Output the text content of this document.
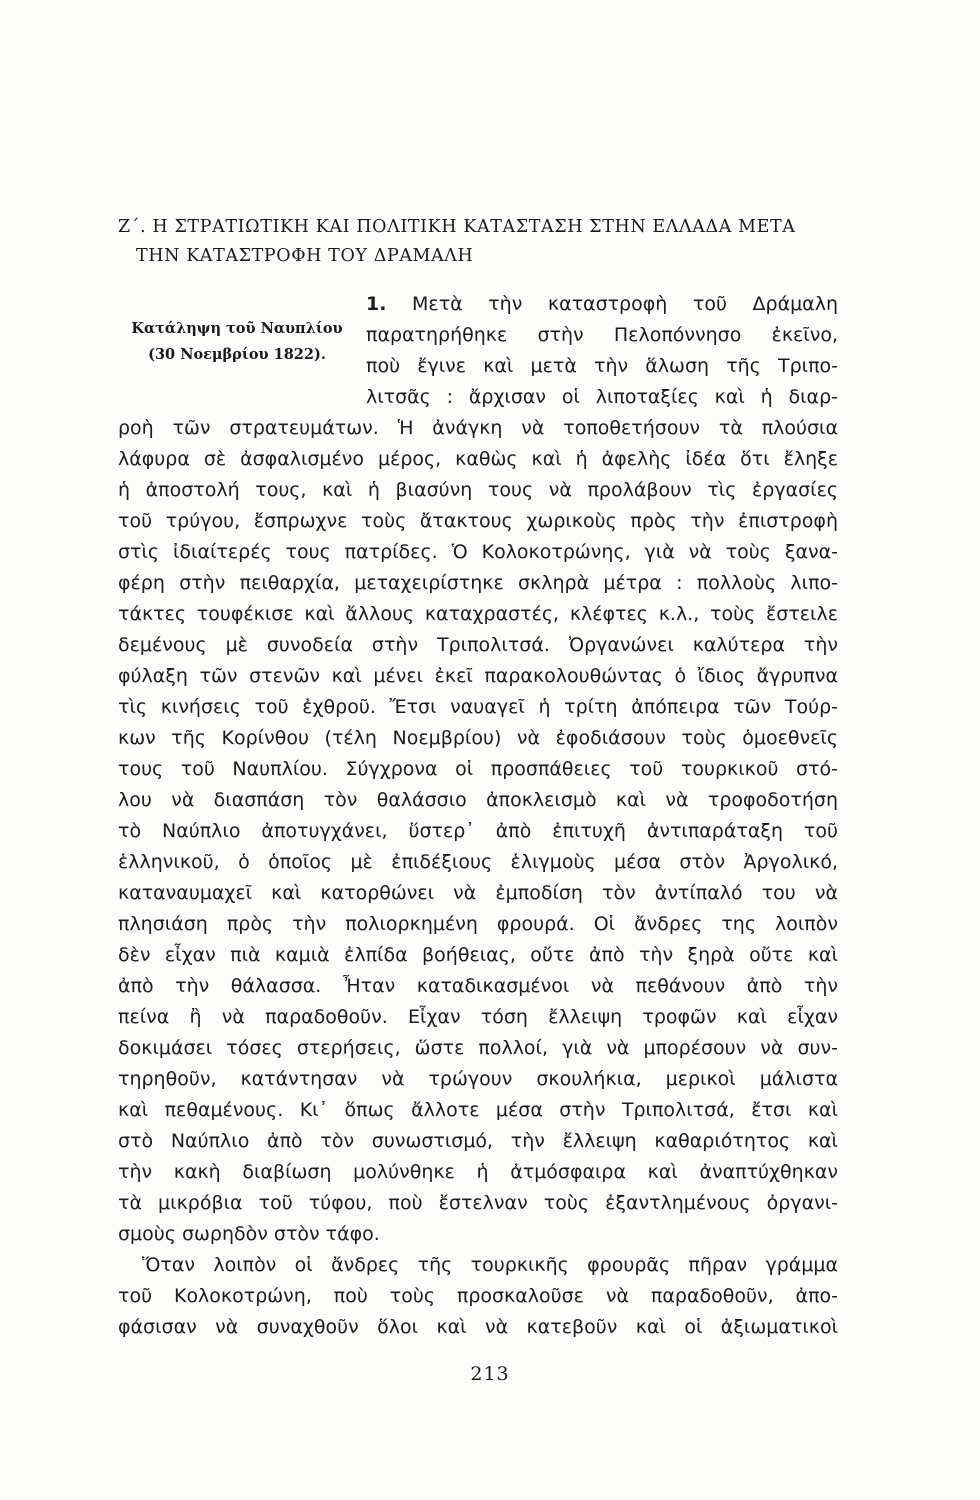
Ζ΄. Η ΣΤΡΑΤΙΩΤΙΚΗ ΚΑΙ ΠΟΛΙΤΙΚΗ ΚΑΤΑΣΤΑΣΗ ΣΤΗΝ ΕΛΛΑΔΑ ΜΕΤΑ
ΤΗΝ ΚΑΤΑΣΤΡΟΦΗ ΤΟΥ ΔΡΑΜΑΛΗ
Κατάληψη τοῦ Ναυπλίου
(30 Νοεμβρίου 1822).
1. Μετὰ τὴν καταστροφὴ τοῦ Δράμαλη
παρατηρήθηκε στὴν Πελοπόννησο ἐκεῖνο,
ποὺ ἔγινε καὶ μετὰ τὴν ἅλωση τῆς Τριπο-
λιτσᾶς : ἄρχισαν οἱ λιποταξίες καὶ ἡ διαρ-
ροὴ τῶν στρατευμάτων. Ἡ ἀνάγκη νὰ τοποθετήσουν τὰ πλούσια
λάφυρα σὲ ἀσφαλισμένο μέρος, καθὼς καὶ ἡ ἀφελὴς ἰδέα ὅτι ἔληξε
ἡ ἀποστολή τους, καὶ ἡ βιασύνη τους νὰ προλάβουν τὶς ἐργασίες
τοῦ τρύγου, ἔσπρωχνε τοὺς ἄτακτους χωρικοὺς πρὸς τὴν ἐπιστροφὴ
στὶς ἰδιαίτερές τους πατρίδες. Ὁ Κολοκοτρώνης, γιὰ νὰ τοὺς ξανα-
φέρη στὴν πειθαρχία, μεταχειρίστηκε σκληρὰ μέτρα : πολλοὺς λιπο-
τάκτες τουφέκισε καὶ ἄλλους καταχραστές, κλέφτες κ.λ., τοὺς ἔστειλε
δεμένους μὲ συνοδεία στὴν Τριπολιτσά. Ὀργανώνει καλύτερα τὴν
φύλαξη τῶν στενῶν καὶ μένει ἐκεῖ παρακολουθώντας ὁ ἴδιος ἄγρυπνα
τὶς κινήσεις τοῦ ἐχθροῦ. Ἔτσι ναυαγεῖ ἡ τρίτη ἀπόπειρα τῶν Τούρ-
κων τῆς Κορίνθου (τέλη Νοεμβρίου) νὰ ἐφοδιάσουν τοὺς ὁμοεθνεῖς
τους τοῦ Ναυπλίου. Σύγχρονα οἱ προσπάθειες τοῦ τουρκικοῦ στό-
λου νὰ διασπάση τὸν θαλάσσιο ἀποκλεισμὸ καὶ νὰ τροφοδοτήση
τὸ Ναύπλιο ἀποτυγχάνει, ὕστερ᾽ ἀπὸ ἐπιτυχῆ ἀντιπαράταξη τοῦ
ἑλληνικοῦ, ὁ ὁποῖος μὲ ἐπιδέξιους ἑλιγμοὺς μέσα στὸν Ἀργολικό,
καταναυμαχεῖ καὶ κατορθώνει νὰ ἐμποδίση τὸν ἀντίπαλό του νὰ
πλησιάση πρὸς τὴν πολιορκημένη φρουρά. Οἱ ἄνδρες της λοιπὸν
δὲν εἶχαν πιὰ καμιὰ ἐλπίδα βοήθειας, οὔτε ἀπὸ τὴν ξηρὰ οὔτε καὶ
ἀπὸ τὴν θάλασσα. Ἦταν καταδικασμένοι νὰ πεθάνουν ἀπὸ τὴν
πείνα ἢ νὰ παραδοθοῦν. Εἶχαν τόση ἔλλειψη τροφῶν καὶ εἶχαν
δοκιμάσει τόσες στερήσεις, ὥστε πολλοί, γιὰ νὰ μπορέσουν νὰ συν-
τηρηθοῦν, κατάντησαν νὰ τρώγουν σκουλήκια, μερικοὶ μάλιστα
καὶ πεθαμένους. Κι᾽ ὅπως ἄλλοτε μέσα στὴν Τριπολιτσά, ἔτσι καὶ
στὸ Ναύπλιο ἀπὸ τὸν συνωστισμό, τὴν ἔλλειψη καθαριότητος καὶ
τὴν κακὴ διαβίωση μολύνθηκε ἡ ἀτμόσφαιρα καὶ ἀναπτύχθηκαν
τὰ μικρόβια τοῦ τύφου, ποὺ ἔστελναν τοὺς ἐξαντλημένους ὀργανι-
σμοὺς σωρηδὸν στὸν τάφο.
Ὅταν λοιπὸν οἱ ἄνδρες τῆς τουρκικῆς φρουρᾶς πῆραν γράμμα
τοῦ Κολοκοτρώνη, ποὺ τοὺς προσκαλοῦσε νὰ παραδοθοῦν, ἀπο-
φάσισαν νὰ συναχθοῦν ὅλοι καὶ νὰ κατεβοῦν καὶ οἱ ἀξιωματικοὶ
213
